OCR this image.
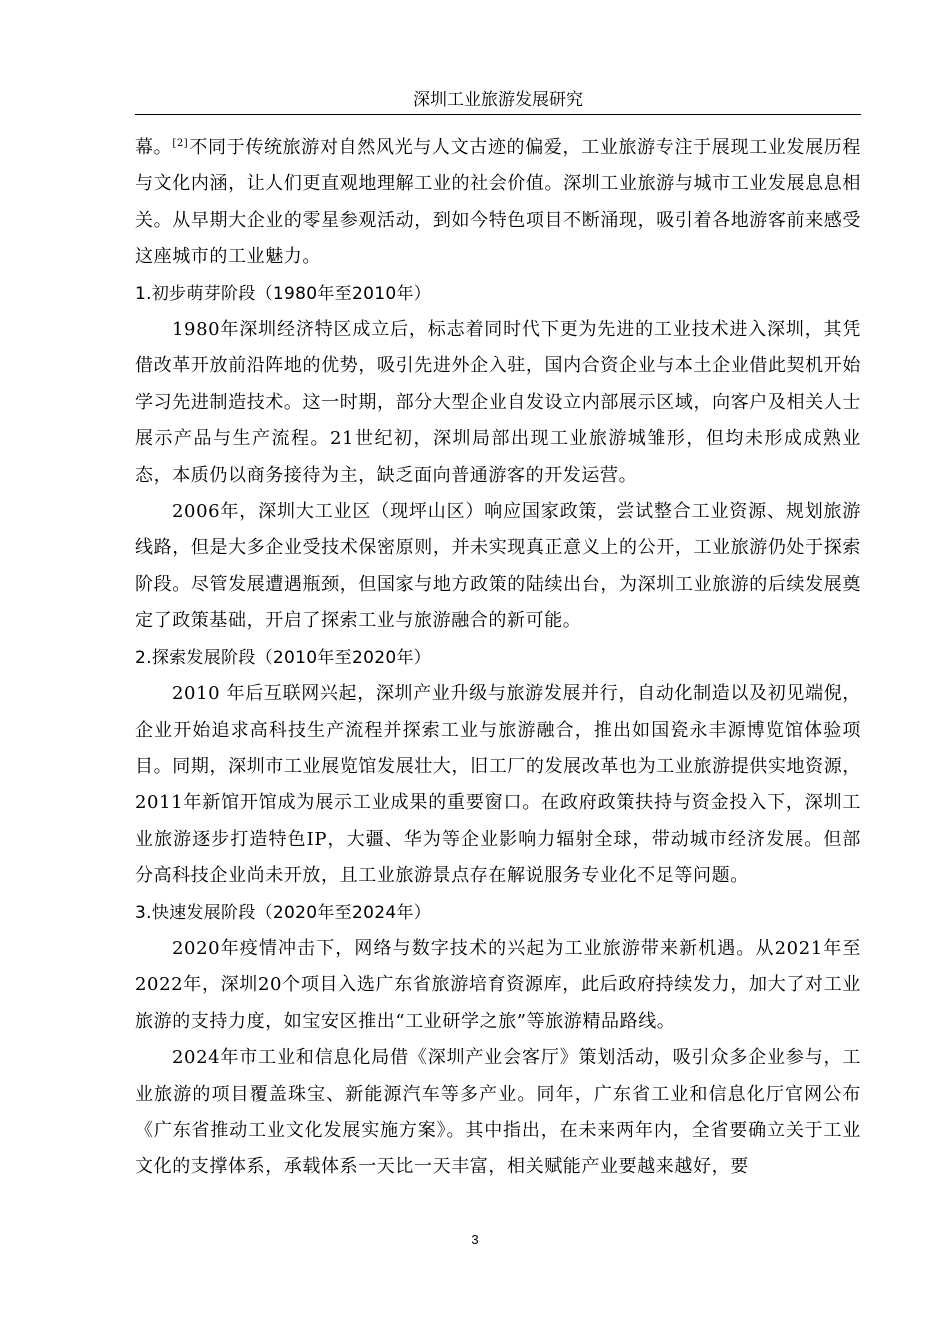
深圳工业旅游发展研究

幕。[2]不同于传统旅游对自然风光与人文古迹的偏爱，工业旅游专注于展现工业发展历程与文化内涵，让人们更直观地理解工业的社会价值。深圳工业旅游与城市工业发展息息相关。从早期大企业的零星参观活动，到如今特色项目不断涌现，吸引着各地游客前来感受这座城市的工业魅力。

1.初步萌芽阶段（1980年至2010年）

1980年深圳经济特区成立后，标志着同时代下更为先进的工业技术进入深圳，其凭借改革开放前沿阵地的优势，吸引先进外企入驻，国内合资企业与本土企业借此契机开始学习先进制造技术。这一时期，部分大型企业自发设立内部展示区域，向客户及相关人士展示产品与生产流程。21世纪初，深圳局部出现工业旅游城雏形，但均未形成成熟业态，本质仍以商务接待为主，缺乏面向普通游客的开发运营。

2006年，深圳大工业区（现坪山区）响应国家政策，尝试整合工业资源、规划旅游线路，但是大多企业受技术保密原则，并未实现真正意义上的公开，工业旅游仍处于探索阶段。尽管发展遭遇瓶颈，但国家与地方政策的陆续出台，为深圳工业旅游的后续发展奠定了政策基础，开启了探索工业与旅游融合的新可能。

2.探索发展阶段（2010年至2020年）

2010 年后互联网兴起，深圳产业升级与旅游发展并行，自动化制造以及初见端倪，企业开始追求高科技生产流程并探索工业与旅游融合，推出如国瓷永丰源博览馆体验项目。同期，深圳市工业展览馆发展壮大，旧工厂的发展改革也为工业旅游提供实地资源，2011年新馆开馆成为展示工业成果的重要窗口。在政府政策扶持与资金投入下，深圳工业旅游逐步打造特色IP，大疆、华为等企业影响力辐射全球，带动城市经济发展。但部分高科技企业尚未开放，且工业旅游景点存在解说服务专业化不足等问题。

3.快速发展阶段（2020年至2024年）

2020年疫情冲击下，网络与数字技术的兴起为工业旅游带来新机遇。从2021年至2022年，深圳20个项目入选广东省旅游培育资源库，此后政府持续发力，加大了对工业旅游的支持力度，如宝安区推出“工业研学之旅”等旅游精品路线。

2024年市工业和信息化局借《深圳产业会客厅》策划活动，吸引众多企业参与，工业旅游的项目覆盖珠宝、新能源汽车等多产业。同年，广东省工业和信息化厅官网公布《广东省推动工业文化发展实施方案》。其中指出，在未来两年内，全省要确立关于工业文化的支撑体系，承载体系一天比一天丰富，相关赋能产业要越来越好，要

3
